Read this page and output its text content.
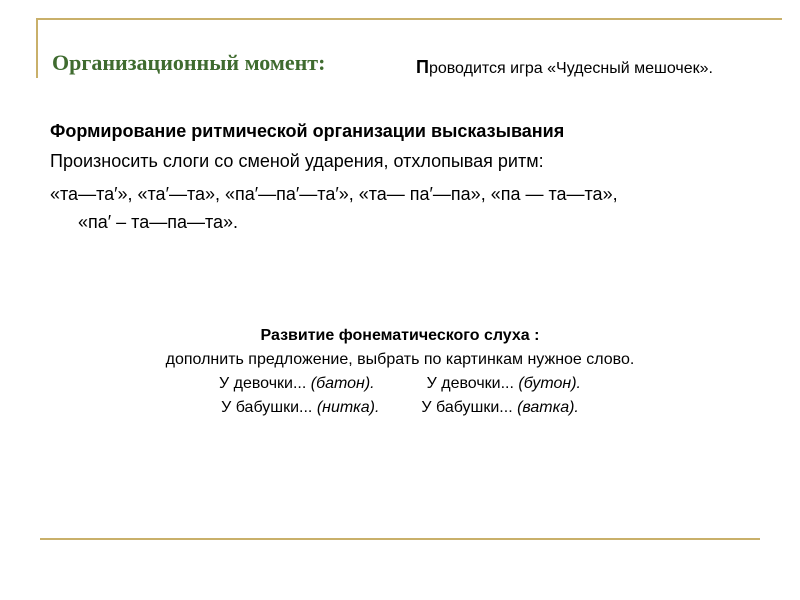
Организационный момент:	Проводится игра «Чудесный мешочек».
Формирование ритмической организации высказывания
Произносить слоги со сменой ударения, отхлопывая ритм:
«та—та′», «та′—та», «па′—па′—та′», «та— па′—па», «па — та—та»,
«па′ – та—па—та».
Развитие фонематического слуха :
дополнить предложение, выбрать по картинкам нужное слово.
У девочки... (батон).	У девочки... (бутон).
У бабушки... (нитка).	У бабушки... (ватка).
